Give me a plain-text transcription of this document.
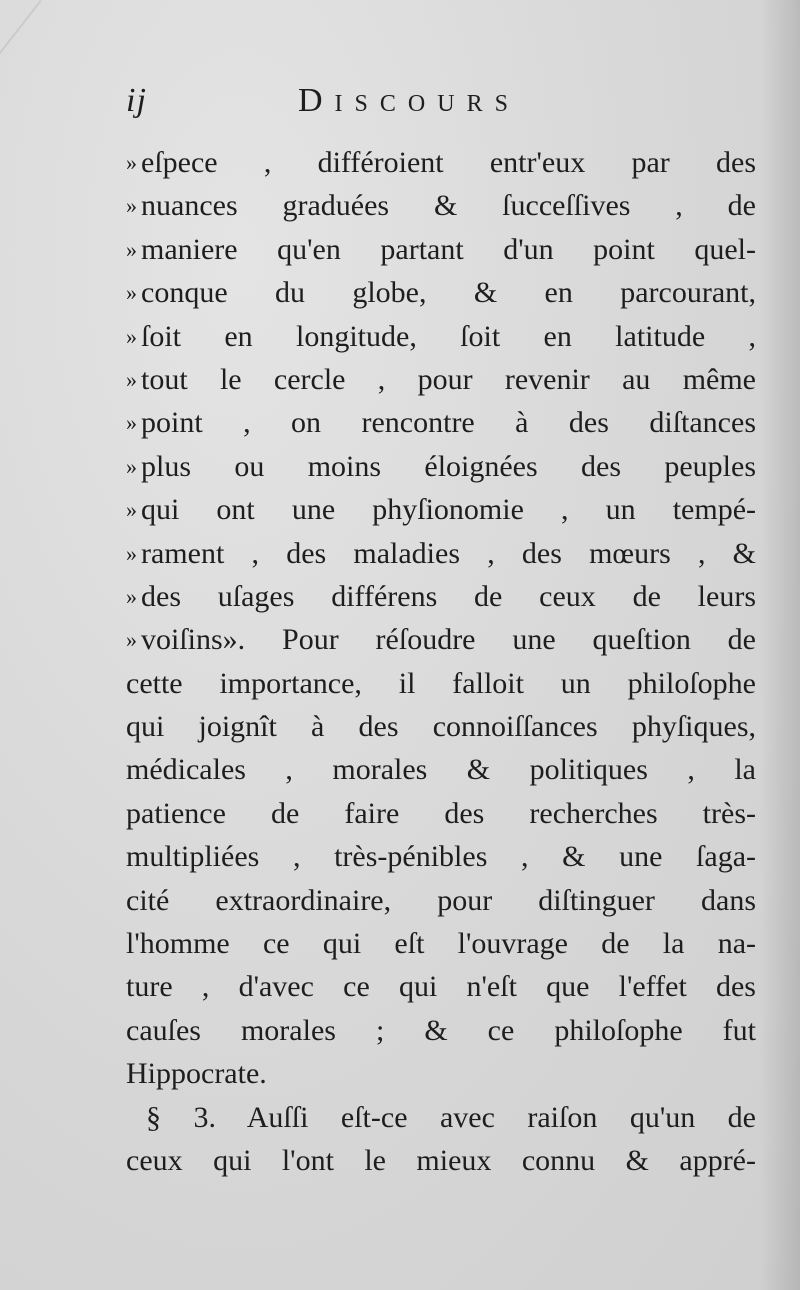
ij	Discours
» eſpece , différoient entr'eux par des
» nuances graduées & ſucceſſives , de
» maniere qu'en partant d'un point quel-
» conque du globe, & en parcourant,
» ſoit en longitude, ſoit en latitude ,
» tout le cercle , pour revenir au même
» point , on rencontre à des diſtances
» plus ou moins éloignées des peuples
» qui ont une phyſionomie , un tempé-
» rament , des maladies , des mœurs , &
» des uſages différens de ceux de leurs
» voiſins». Pour réſoudre une queſtion de
cette importance, il falloit un philoſophe
qui joignît à des connoiſſances phyſiques,
médicales , morales & politiques , la
patience de faire des recherches très-
multipliées , très-pénibles , & une ſaga-
cité extraordinaire, pour diſtinguer dans
l'homme ce qui eſt l'ouvrage de la na-
ture , d'avec ce qui n'eſt que l'effet des
cauſes morales ; & ce philoſophe fut
Hippocrate.
§ 3. Auſſi eſt-ce avec raiſon qu'un de
ceux qui l'ont le mieux connu & appré-
